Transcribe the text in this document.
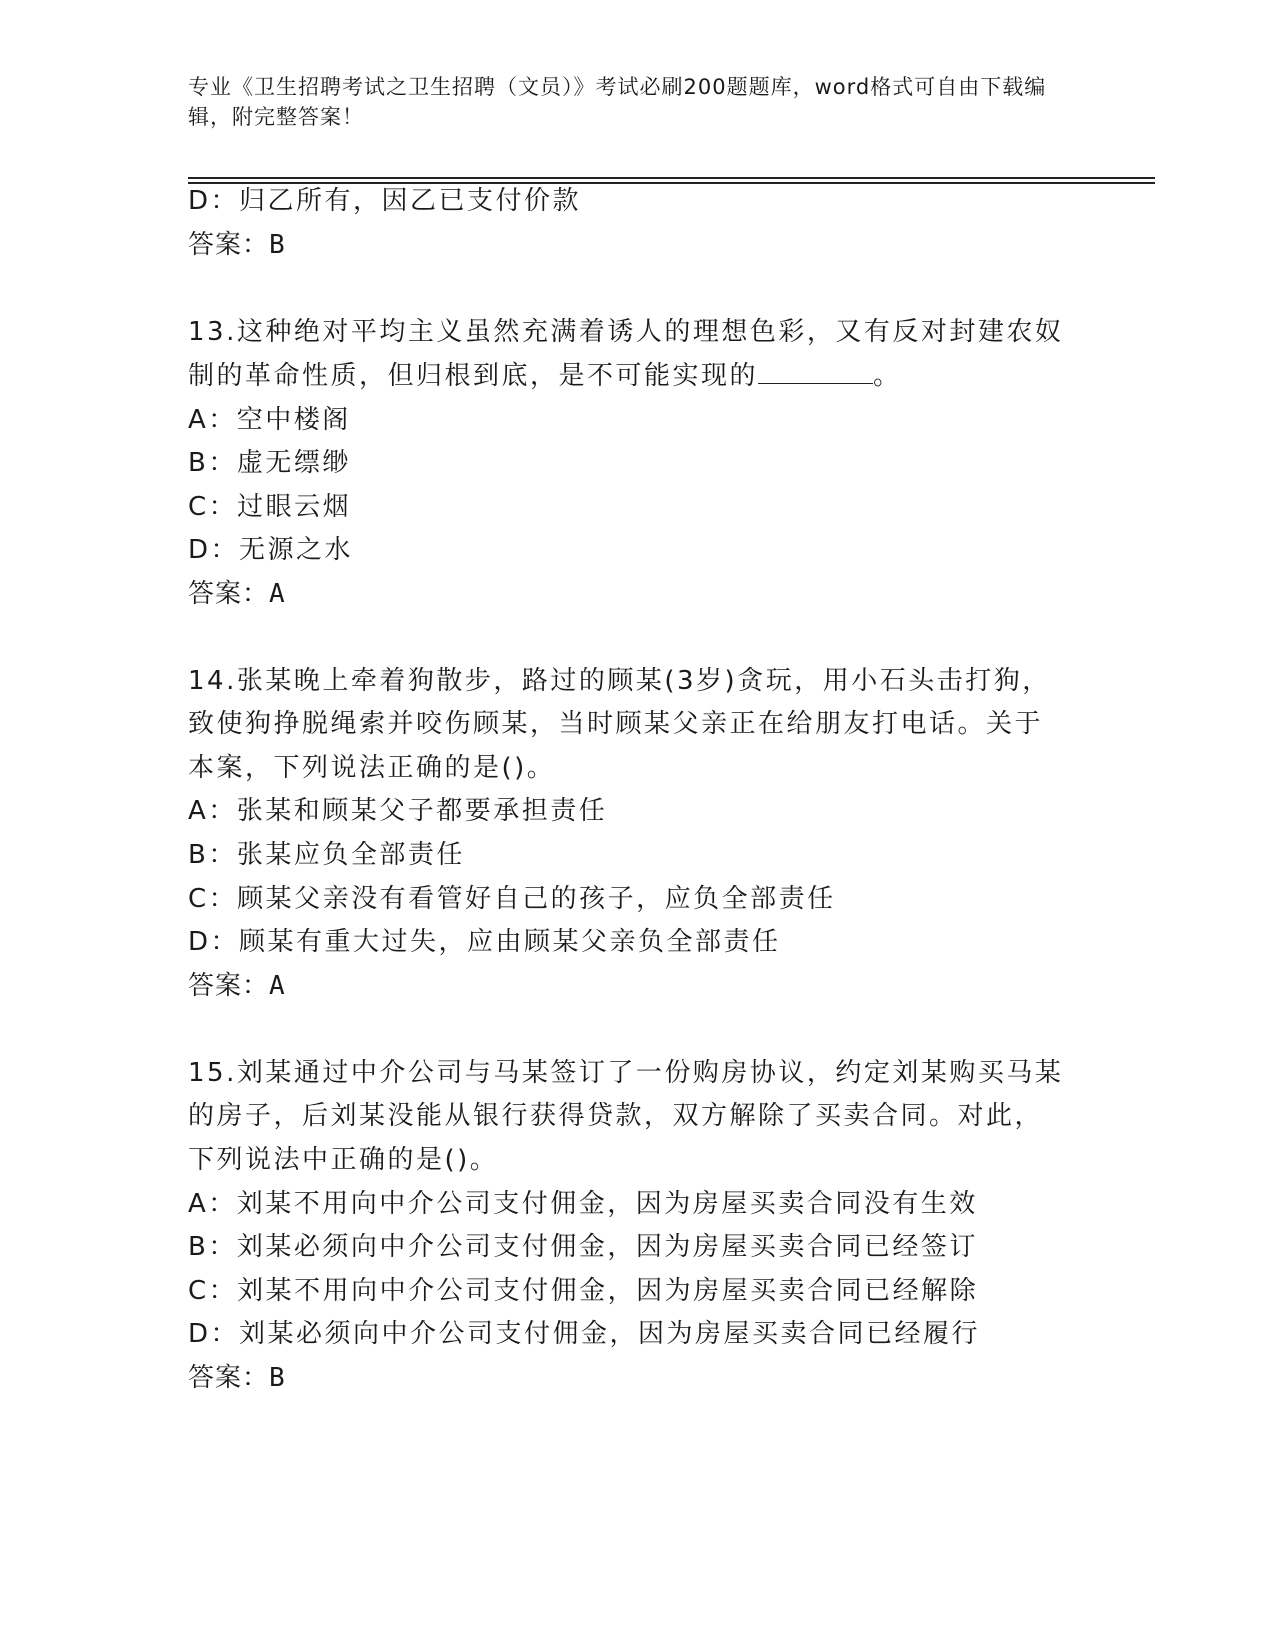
专业《卫生招聘考试之卫生招聘（文员）》考试必刷200题题库，word格式可自由下载编辑，附完整答案！
D：归乙所有，因乙已支付价款
答案：B
13.这种绝对平均主义虽然充满着诱人的理想色彩，又有反对封建农奴
制的革命性质，但归根到底，是不可能实现的	。
A：空中楼阁
B：虚无缥缈
C：过眼云烟
D：无源之水
答案：A
14.张某晚上牵着狗散步，路过的顾某(3岁)贪玩，用小石头击打狗，
致使狗挣脱绳索并咬伤顾某，当时顾某父亲正在给朋友打电话。关于
本案，下列说法正确的是()。
A：张某和顾某父子都要承担责任
B：张某应负全部责任
C：顾某父亲没有看管好自己的孩子，应负全部责任
D：顾某有重大过失，应由顾某父亲负全部责任
答案：A
15.刘某通过中介公司与马某签订了一份购房协议，约定刘某购买马某
的房子，后刘某没能从银行获得贷款，双方解除了买卖合同。对此，
下列说法中正确的是()。
A：刘某不用向中介公司支付佣金，因为房屋买卖合同没有生效
B：刘某必须向中介公司支付佣金，因为房屋买卖合同已经签订
C：刘某不用向中介公司支付佣金，因为房屋买卖合同已经解除
D：刘某必须向中介公司支付佣金，因为房屋买卖合同已经履行
答案：B
